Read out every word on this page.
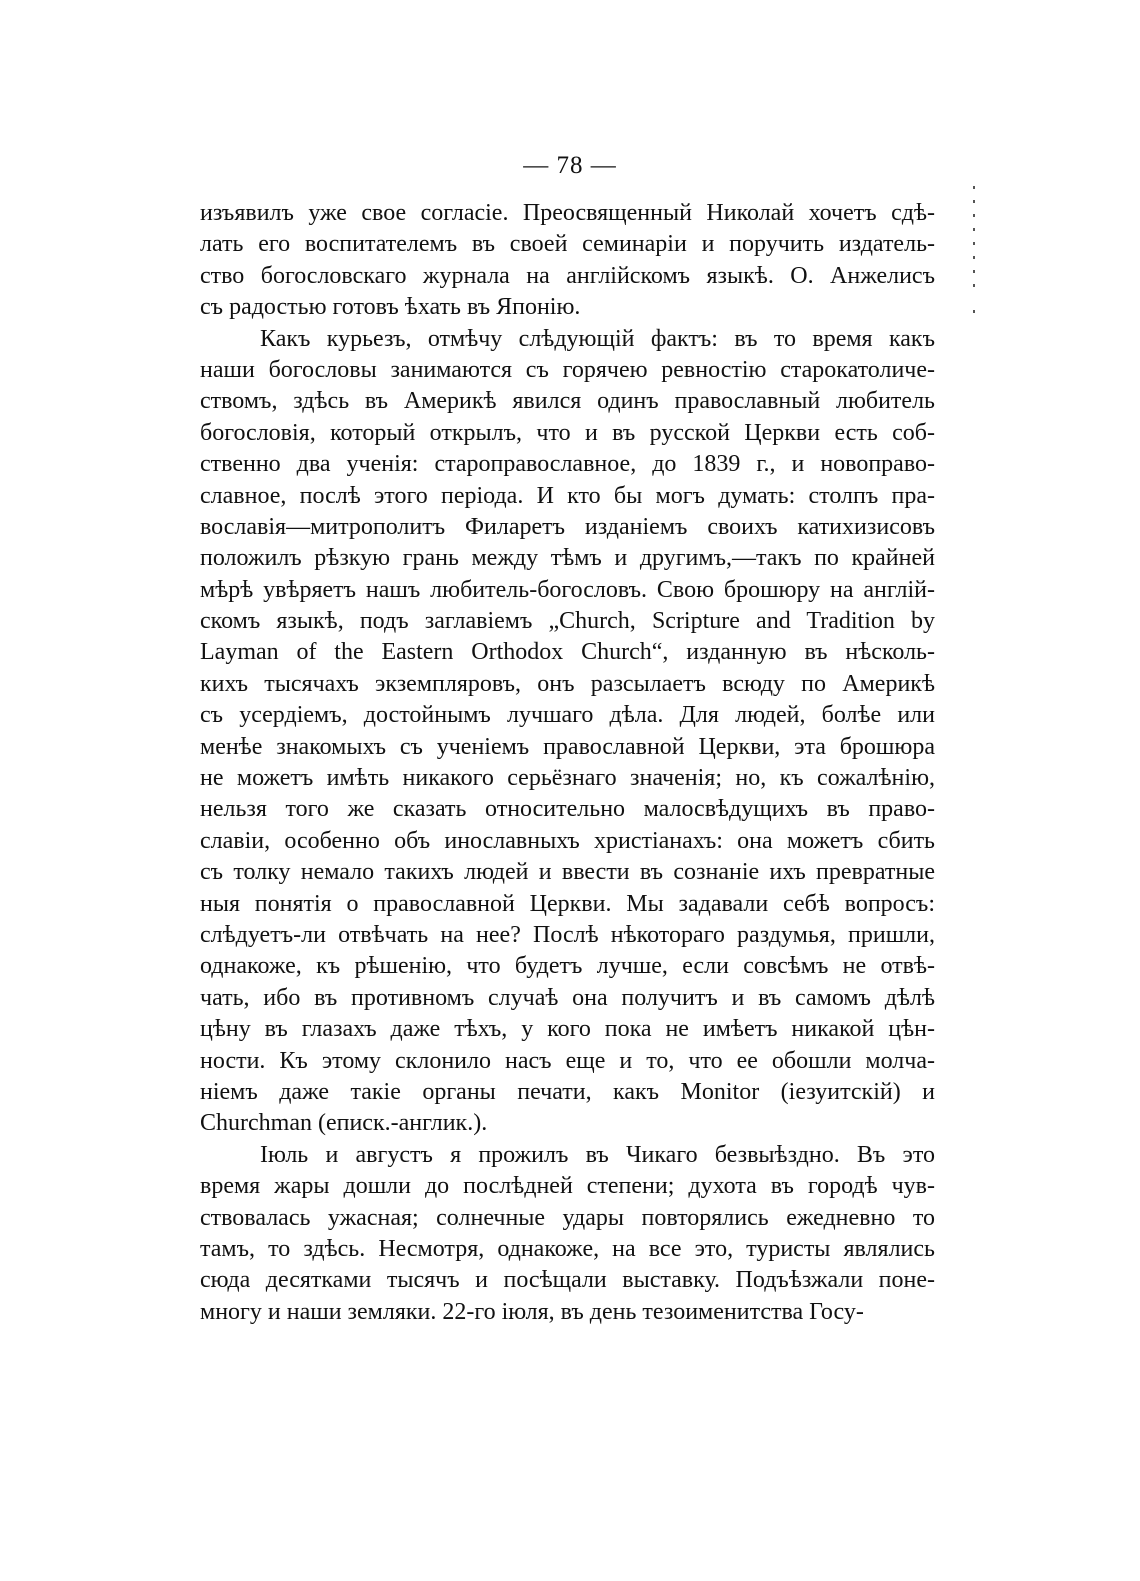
— 78 —
изъявилъ уже свое согласіе. Преосвященный Николай хочетъ сдѣ-
лать его воспитателемъ въ своей семинаріи и поручить издатель-
ство богословскаго журнала на англійскомъ языкѣ. О. Анжелисъ
съ радостью готовъ ѣхать въ Японію.
Какъ курьезъ, отмѣчу слѣдующій фактъ: въ то время какъ
наши богословы занимаются съ горячею ревностію старокатоличе-
ствомъ, здѣсь въ Америкѣ явился одинъ православный любитель
богословія, который открылъ, что и въ русской Церкви есть соб-
ственно два ученія: староправославное, до 1839 г., и новоправо-
славное, послѣ этого періода. И кто бы могъ думать: столпъ пра-
вославія—митрополитъ Филаретъ изданіемъ своихъ катихизисовъ
положилъ рѣзкую грань между тѣмъ и другимъ,—такъ по крайней
мѣрѣ увѣряетъ нашъ любитель-богословъ. Свою брошюру на англій-
скомъ языкѣ, подъ заглавіемъ „Church, Scripture and Tradition by
Layman of the Eastern Orthodox Church“, изданную въ нѣсколь-
кихъ тысячахъ экземпляровъ, онъ разсылаетъ всюду по Америкѣ
съ усердіемъ, достойнымъ лучшаго дѣла. Для людей, болѣе или
менѣе знакомыхъ съ ученіемъ православной Церкви, эта брошюра
не можетъ имѣть никакого серьёзнаго значенія; но, къ сожалѣнію,
нельзя того же сказать относительно малосвѣдущихъ въ право-
славіи, особенно объ инославныхъ христіанахъ: она можетъ сбить
съ толку немало такихъ людей и ввести въ сознаніе ихъ превратные
ныя понятія о православной Церкви. Мы задавали себѣ вопросъ:
слѣдуетъ-ли отвѣчать на нее? Послѣ нѣкотораго раздумья, пришли,
однакоже, къ рѣшенію, что будетъ лучше, если совсѣмъ не отвѣ-
чать, ибо въ противномъ случаѣ она получитъ и въ самомъ дѣлѣ
цѣну въ глазахъ даже тѣхъ, у кого пока не имѣетъ никакой цѣн-
ности. Къ этому склонило насъ еще и то, что ее обошли молча-
ніемъ даже такіе органы печати, какъ Monitor (іезуитскій) и
Churchman (еписк.-англик.).
Іюль и августъ я прожилъ въ Чикаго безвыѣздно. Въ это
время жары дошли до послѣдней степени; духота въ городѣ чув-
ствовалась ужасная; солнечные удары повторялись ежедневно то
тамъ, то здѣсь. Несмотря, однакоже, на все это, туристы являлись
сюда десятками тысячъ и посѣщали выставку. Подъѣзжали поне-
многу и наши земляки. 22-го іюля, въ день тезоименитства Госу-
